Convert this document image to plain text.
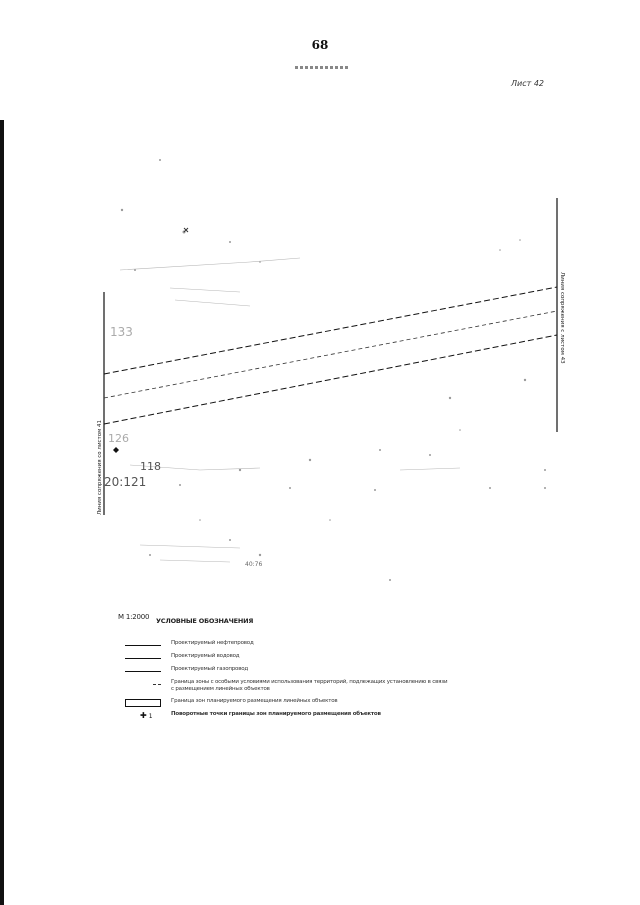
68
Лист 42
Линия сопряжения со листом 41
Линия сопряжения с листом 43
133
126
118
20:121
40:76
М 1:2000 УСЛОВНЫЕ ОБОЗНАЧЕНИЯ
Проектируемый нефтепровод
Проектируемый водовод
Проектируемый газопровод
Граница зоны с особыми условиями использования территорий, подлежащих установлению в связи с размещением линейных объектов
Граница зон планируемого размещения линейных объектов
✚ 1	Поворотные точки границы зон планируемого размещения объектов
